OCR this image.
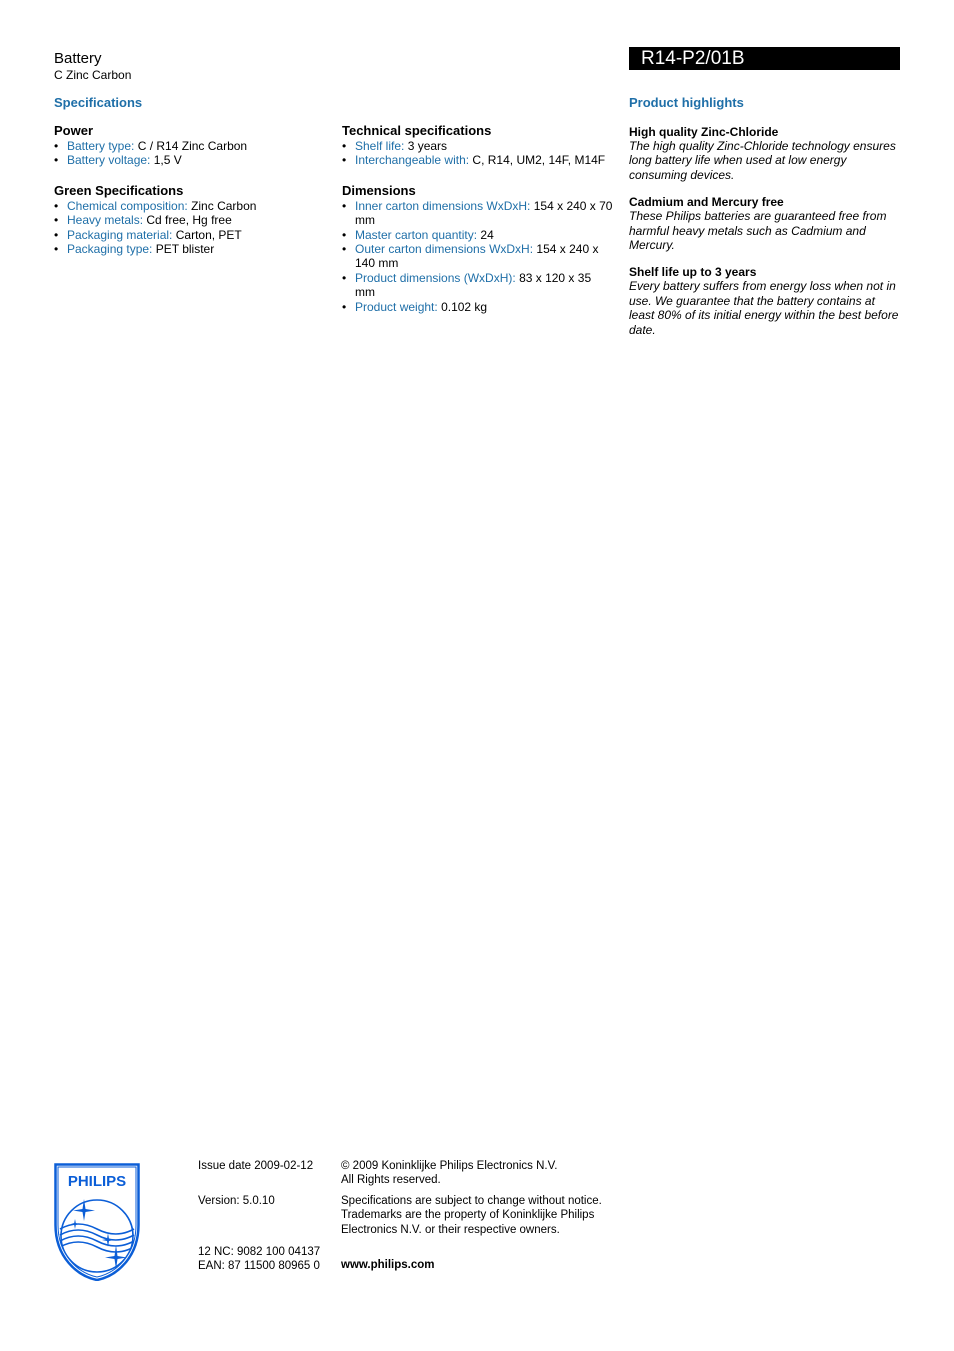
Battery
C Zinc Carbon
R14-P2/01B
Specifications
Power
• Battery type: C / R14 Zinc Carbon
• Battery voltage: 1,5 V
Green Specifications
• Chemical composition: Zinc Carbon
• Heavy metals: Cd free, Hg free
• Packaging material: Carton, PET
• Packaging type: PET blister
Technical specifications
• Shelf life: 3 years
• Interchangeable with: C, R14, UM2, 14F, M14F
Dimensions
• Inner carton dimensions WxDxH: 154 x 240 x 70 mm
• Master carton quantity: 24
• Outer carton dimensions WxDxH: 154 x 240 x 140 mm
• Product dimensions (WxDxH): 83 x 120 x 35 mm
• Product weight: 0.102 kg
Product highlights
High quality Zinc-Chloride
The high quality Zinc-Chloride technology ensures long battery life when used at low energy consuming devices.
Cadmium and Mercury free
These Philips batteries are guaranteed free from harmful heavy metals such as Cadmium and Mercury.
Shelf life up to 3 years
Every battery suffers from energy loss when not in use. We guarantee that the battery contains at least 80% of its initial energy within the best before date.
PHILIPS
Issue date 2009-02-12
Version: 5.0.10
12 NC: 9082 100 04137
EAN: 87 11500 80965 0
© 2009 Koninklijke Philips Electronics N.V.
All Rights reserved.
Specifications are subject to change without notice.
Trademarks are the property of Koninklijke Philips
Electronics N.V. or their respective owners.
www.philips.com
